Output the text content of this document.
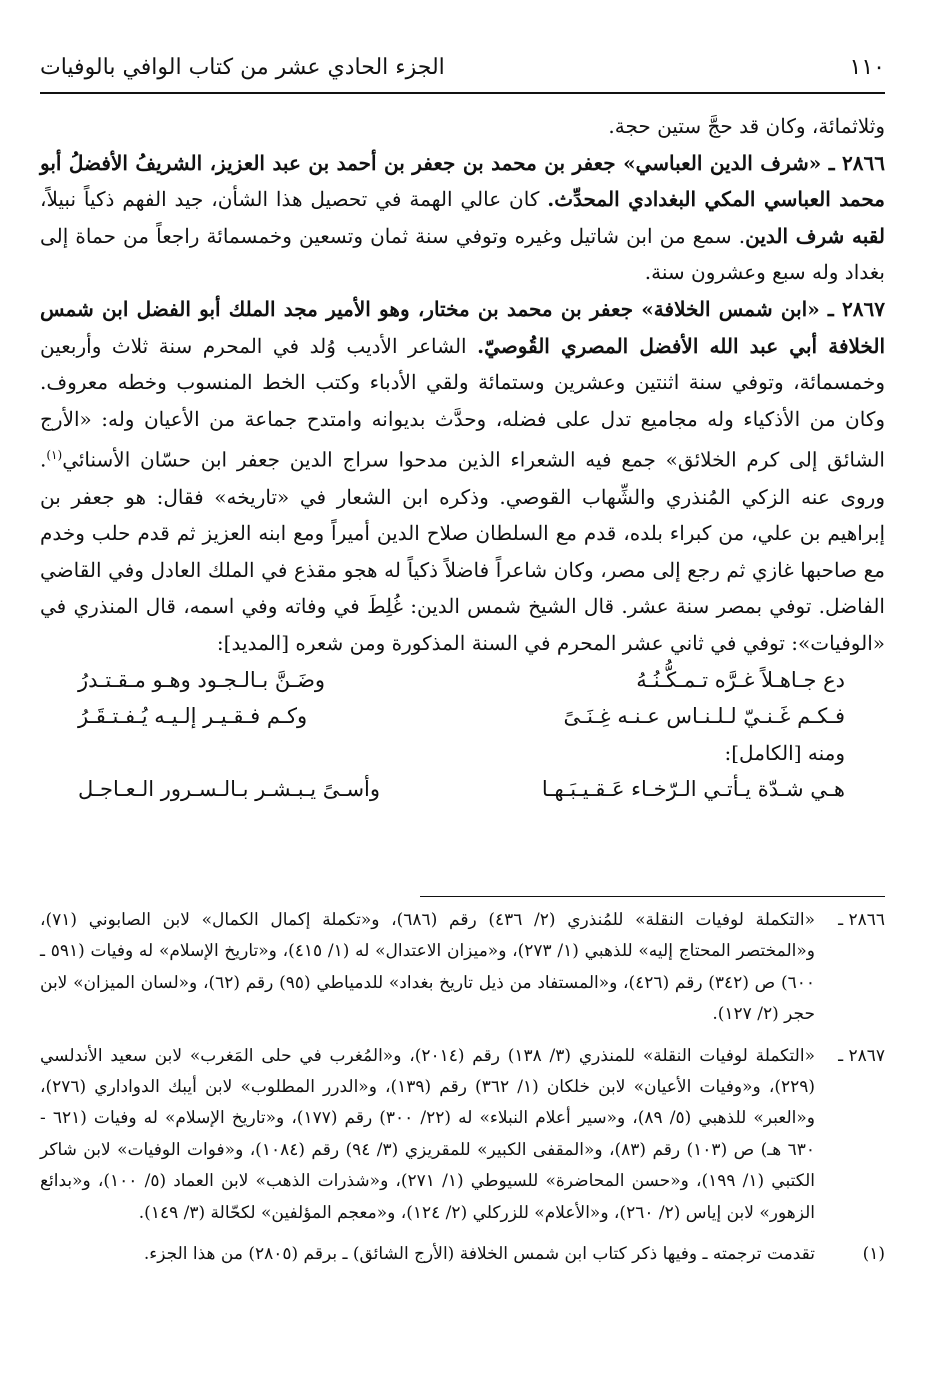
الجزء الحادي عشر من كتاب الوافي بالوفيات	١١٠

وثلاثمائة، وكان قد حجَّ ستين حجة.

٢٨٦٦ ـ «شرف الدين العباسي» جعفر بن محمد بن جعفر بن أحمد بن عبد العزيز، الشريفُ الأفضلُ أبو محمد العباسي المكي البغدادي المحدِّث. كان عالي الهمة في تحصيل هذا الشأن، جيد الفهم ذكياً نبيلاً، لقبه شرف الدين. سمع من ابن شاتيل وغيره وتوفي سنة ثمان وتسعين وخمسمائة راجعاً من حماة إلى بغداد وله سبع وعشرون سنة.

٢٨٦٧ ـ «ابن شمس الخلافة» جعفر بن محمد بن مختار، وهو الأمير مجد الملك أبو الفضل ابن شمس الخلافة أبي عبد الله الأفضل المصري القُوصيّ. الشاعر الأديب وُلد في المحرم سنة ثلاث وأربعين وخمسمائة، وتوفي سنة اثنتين وعشرين وستمائة ولقي الأدباء وكتب الخط المنسوب وخطه معروف. وكان من الأذكياء وله مجاميع تدل على فضله، وحدَّث بديوانه وامتدح جماعة من الأعيان وله: «الأرج الشائق إلى كرم الخلائق» جمع فيه الشعراء الذين مدحوا سراج الدين جعفر ابن حسّان الأسنائي$^{(١)}$. وروى عنه الزكي المُنذري والشِّهاب القوصي. وذكره ابن الشعار في «تاريخه» فقال: هو جعفر بن إبراهيم بن علي، من كبراء بلده، قدم مع السلطان صلاح الدين أميراً ومع ابنه العزيز ثم قدم حلب وخدم مع صاحبها غازي ثم رجع إلى مصر، وكان شاعراً فاضلاً ذكياً له هجو مقذع في الملك العادل وفي القاضي الفاضل. توفي بمصر سنة عشر. قال الشيخ شمس الدين: غُلِطَ في وفاته وفي اسمه، قال المنذري في «الوفيات»: توفي في ثاني عشر المحرم في السنة المذكورة ومن شعره [المديد]:

دع جـاهـلاً غـرَّه تـمـكُّـنُـهُ
وضَـنَّ بـالـجـود وهـو مـقـتـدرُ
فـكـم غَـنـيّ لـلـنـاس عـنـه غِـنَـىً
وكـم فـقـيـر إلـيـه يُـفـتـقَـرُ

ومنه [الكامل]:

هـي شـدّة يـأتـي الـرّخـاء عَـقـيـبَـهـا
وأسـىً يـبـشـر بـالـسـرور الـعـاجـل
٢٨٦٦ ـ
«التكملة لوفيات النقلة» للمُنذري (٢/ ٤٣٦) رقم (٦٨٦)، و«تكملة إكمال الكمال» لابن الصابوني (٧١)، و«المختصر المحتاج إليه» للذهبي (١/ ٢٧٣)، و«ميزان الاعتدال» له (١/ ٤١٥)، و«تاريخ الإسلام» له وفيات (٥٩١ ـ ٦٠٠) ص (٣٤٢) رقم (٤٢٦)، و«المستفاد من ذيل تاريخ بغداد» للدمياطي (٩٥) رقم (٦٢)، و«لسان الميزان» لابن حجر (٢/ ١٢٧).
٢٨٦٧ ـ
«التكملة لوفيات النقلة» للمنذري (٣/ ١٣٨) رقم (٢٠١٤)، و«المُغرب في حلى المَغرب» لابن سعيد الأندلسي (٢٢٩)، و«وفيات الأعيان» لابن خلكان (١/ ٣٦٢) رقم (١٣٩)، و«الدرر المطلوب» لابن أيبك الدواداري (٢٧٦)، و«العبر» للذهبي (٥/ ٨٩)، و«سير أعلام النبلاء» له (٢٢/ ٣٠٠) رقم (١٧٧)، و«تاريخ الإسلام» له وفيات (٦٢١ - ٦٣٠ هـ) ص (١٠٣) رقم (٨٣)، و«المقفى الكبير» للمقريزي (٣/ ٩٤) رقم (١٠٨٤)، و«فوات الوفيات» لابن شاكر الكتبي (١/ ١٩٩)، و«حسن المحاضرة» للسيوطي (١/ ٢٧١)، و«شذرات الذهب» لابن العماد (٥/ ١٠٠)، و«بدائع الزهور» لابن إياس (٢/ ٢٦٠)، و«الأعلام» للزركلي (٢/ ١٢٤)، و«معجم المؤلفين» لكحّالة (٣/ ١٤٩).
(١)
تقدمت ترجمته ـ وفيها ذكر كتاب ابن شمس الخلافة (الأرج الشائق) ـ برقم (٢٨٠٥) من هذا الجزء.
